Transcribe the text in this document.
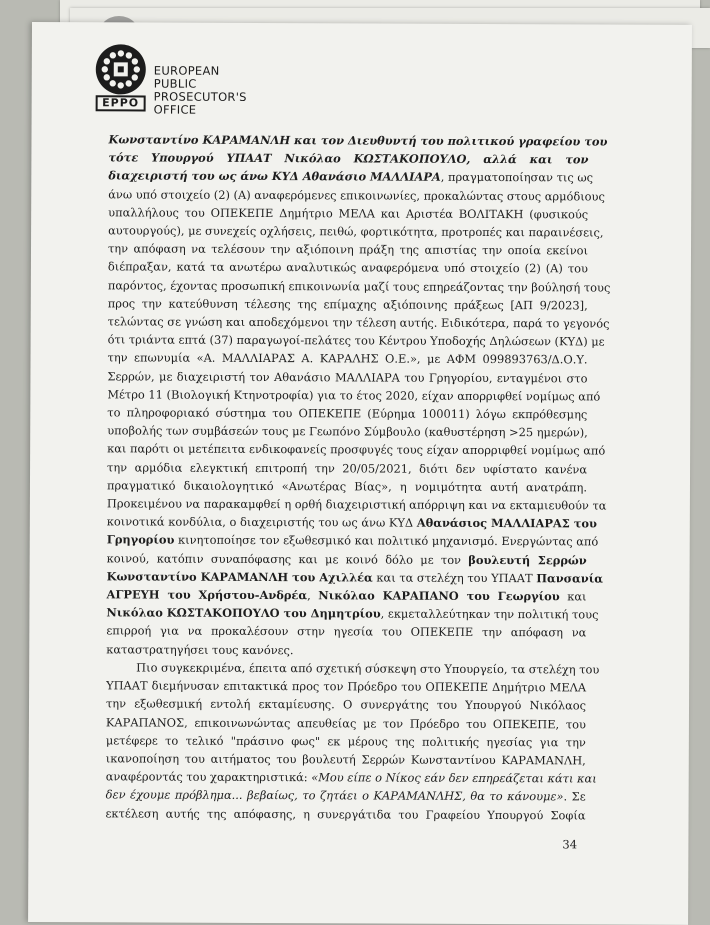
EPPO
EUROPEAN
PUBLIC
PROSECUTOR'S
OFFICE
Κωνσταντίνο ΚΑΡΑΜΑΝΛΗ και τον Διευθυντή του πολιτικού γραφείου του
τότε Υπουργού ΥΠΑΑΤ Νικόλαο ΚΩΣΤΑΚΟΠΟΥΛΟ, αλλά και τον
διαχειριστή του ως άνω ΚΥΔ Αθανάσιο ΜΑΛΛΙΑΡΑ, πραγματοποίησαν τις ως
άνω υπό στοιχείο (2) (Α) αναφερόμενες επικοινωνίες, προκαλώντας στους αρμόδιους
υπαλλήλους του ΟΠΕΚΕΠΕ Δημήτριο ΜΕΛΑ και Αριστέα ΒΟΛΙΤΑΚΗ (φυσικούς
αυτουργούς), με συνεχείς οχλήσεις, πειθώ, φορτικότητα, προτροπές και παραινέσεις,
την απόφαση να τελέσουν την αξιόποινη πράξη της απιστίας την οποία εκείνοι
διέπραξαν, κατά τα ανωτέρω αναλυτικώς αναφερόμενα υπό στοιχείο (2) (Α) του
παρόντος, έχοντας προσωπική επικοινωνία μαζί τους επηρεάζοντας την βούλησή τους
προς την κατεύθυνση τέλεσης της επίμαχης αξιόποινης πράξεως [ΑΠ 9/2023],
τελώντας σε γνώση και αποδεχόμενοι την τέλεση αυτής. Ειδικότερα, παρά το γεγονός
ότι τριάντα επτά (37) παραγωγοί-πελάτες του Κέντρου Υποδοχής Δηλώσεων (ΚΥΔ) με
την επωνυμία «Α. ΜΑΛΛΙΑΡΑΣ Α. ΚΑΡΑΛΗΣ Ο.Ε.», με ΑΦΜ 099893763/Δ.Ο.Υ.
Σερρών, με διαχειριστή τον Αθανάσιο ΜΑΛΛΙΑΡΑ του Γρηγορίου, ενταγμένοι στο
Μέτρο 11 (Βιολογική Κτηνοτροφία) για το έτος 2020, είχαν απορριφθεί νομίμως από
το πληροφοριακό σύστημα του ΟΠΕΚΕΠΕ (Εύρημα 100011) λόγω εκπρόθεσμης
υποβολής των συμβάσεών τους με Γεωπόνο Σύμβουλο (καθυστέρηση >25 ημερών),
και παρότι οι μετέπειτα ενδικοφανείς προσφυγές τους είχαν απορριφθεί νομίμως από
την αρμόδια ελεγκτική επιτροπή την 20/05/2021, διότι δεν υφίστατο κανένα
πραγματικό δικαιολογητικό «Ανωτέρας Βίας», η νομιμότητα αυτή ανατράπη.
Προκειμένου να παρακαμφθεί η ορθή διαχειριστική απόρριψη και να εκταμιευθούν τα
κοινοτικά κονδύλια, ο διαχειριστής του ως άνω ΚΥΔ Αθανάσιος ΜΑΛΛΙΑΡΑΣ του
Γρηγορίου κινητοποίησε τον εξωθεσμικό και πολιτικό μηχανισμό. Ενεργώντας από
κοινού, κατόπιν συναπόφασης και με κοινό δόλο με τον βουλευτή Σερρών
Κωνσταντίνο ΚΑΡΑΜΑΝΛΗ του Αχιλλέα και τα στελέχη του ΥΠΑΑΤ Πανσανία
ΑΓΡΕΥΗ του Χρήστου-Ανδρέα, Νικόλαο ΚΑΡΑΠΑΝΟ του Γεωργίου και
Νικόλαο ΚΩΣΤΑΚΟΠΟΥΛΟ του Δημητρίου, εκμεταλλεύτηκαν την πολιτική τους
επιρροή για να προκαλέσουν στην ηγεσία του ΟΠΕΚΕΠΕ την απόφαση να
καταστρατηγήσει τους κανόνες.
Πιο συγκεκριμένα, έπειτα από σχετική σύσκεψη στο Υπουργείο, τα στελέχη του
ΥΠΑΑΤ διεμήνυσαν επιτακτικά προς τον Πρόεδρο του ΟΠΕΚΕΠΕ Δημήτριο ΜΕΛΑ
την εξωθεσμική εντολή εκταμίευσης. Ο συνεργάτης του Υπουργού Νικόλαος
ΚΑΡΑΠΑΝΟΣ, επικοινωνώντας απευθείας με τον Πρόεδρο του ΟΠΕΚΕΠΕ, του
μετέφερε το τελικό "πράσινο φως" εκ μέρους της πολιτικής ηγεσίας για την
ικανοποίηση του αιτήματος του βουλευτή Σερρών Κωνσταντίνου ΚΑΡΑΜΑΝΛΗ,
αναφέροντάς του χαρακτηριστικά: «Μου είπε ο Νίκος εάν δεν επηρεάζεται κάτι και
δεν έχουμε πρόβλημα... βεβαίως, το ζητάει ο ΚΑΡΑΜΑΝΛΗΣ, θα το κάνουμε». Σε
εκτέλεση αυτής της απόφασης, η συνεργάτιδα του Γραφείου Υπουργού Σοφία
34
